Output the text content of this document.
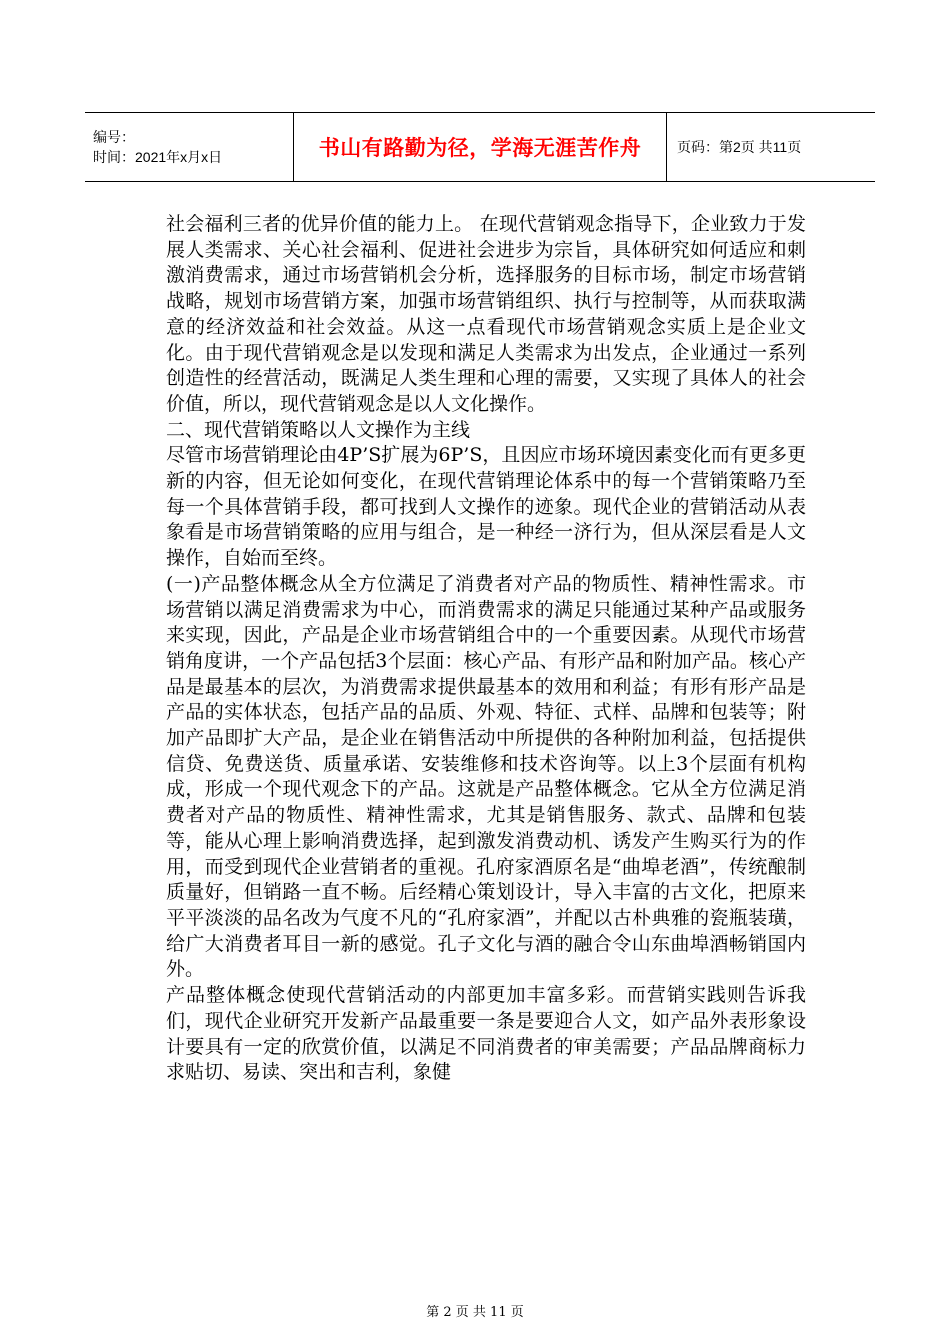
编号：
时间：2021年x月x日	书山有路勤为径，学海无涯苦作舟	页码：第2页 共11页

社会福利三者的优异价值的能力上。 在现代营销观念指导下，企业致力于发展人类需求、关心社会福利、促进社会进步为宗旨，具体研究如何适应和刺激消费需求，通过市场营销机会分析，选择服务的目标市场，制定市场营销战略，规划市场营销方案，加强市场营销组织、执行与控制等，从而获取满意的经济效益和社会效益。从这一点看现代市场营销观念实质上是企业文化。由于现代营销观念是以发现和满足人类需求为出发点，企业通过一系列创造性的经营活动，既满足人类生理和心理的需要，又实现了具体人的社会价值，所以，现代营销观念是以人文化操作。

二、现代营销策略以人文操作为主线

尽管市场营销理论由4P’S扩展为6P’S，且因应市场环境因素变化而有更多更新的内容，但无论如何变化，在现代营销理论体系中的每一个营销策略乃至每一个具体营销手段，都可找到人文操作的迹象。现代企业的营销活动从表象看是市场营销策略的应用与组合，是一种经一济行为，但从深层看是人文操作，自始而至终。

(一)产品整体概念从全方位满足了消费者对产品的物质性、精神性需求。市场营销以满足消费需求为中心，而消费需求的满足只能通过某种产品或服务来实现，因此，产品是企业市场营销组合中的一个重要因素。从现代市场营销角度讲，一个产品包括3个层面：核心产品、有形产品和附加产品。核心产品是最基本的层次，为消费需求提供最基本的效用和利益；有形有形产品是产品的实体状态，包括产品的品质、外观、特征、式样、品牌和包装等；附加产品即扩大产品，是企业在销售活动中所提供的各种附加利益，包括提供信贷、免费送货、质量承诺、安装维修和技术咨询等。以上3个层面有机构成，形成一个现代观念下的产品。这就是产品整体概念。它从全方位满足消费者对产品的物质性、精神性需求，尤其是销售服务、款式、品牌和包装等，能从心理上影响消费选择，起到激发消费动机、诱发产生购买行为的作用，而受到现代企业营销者的重视。孔府家酒原名是“曲埠老酒”，传统酿制质量好，但销路一直不畅。后经精心策划设计，导入丰富的古文化，把原来平平淡淡的品名改为气度不凡的“孔府家酒”，并配以古朴典雅的瓷瓶装璜，给广大消费者耳目一新的感觉。孔子文化与酒的融合令山东曲埠酒畅销国内外。

产品整体概念使现代营销活动的内部更加丰富多彩。而营销实践则告诉我们，现代企业研究开发新产品最重要一条是要迎合人文，如产品外表形象设计要具有一定的欣赏价值，以满足不同消费者的审美需要；产品品牌商标力求贴切、易读、突出和吉利，象健

第 2 页 共 11 页
